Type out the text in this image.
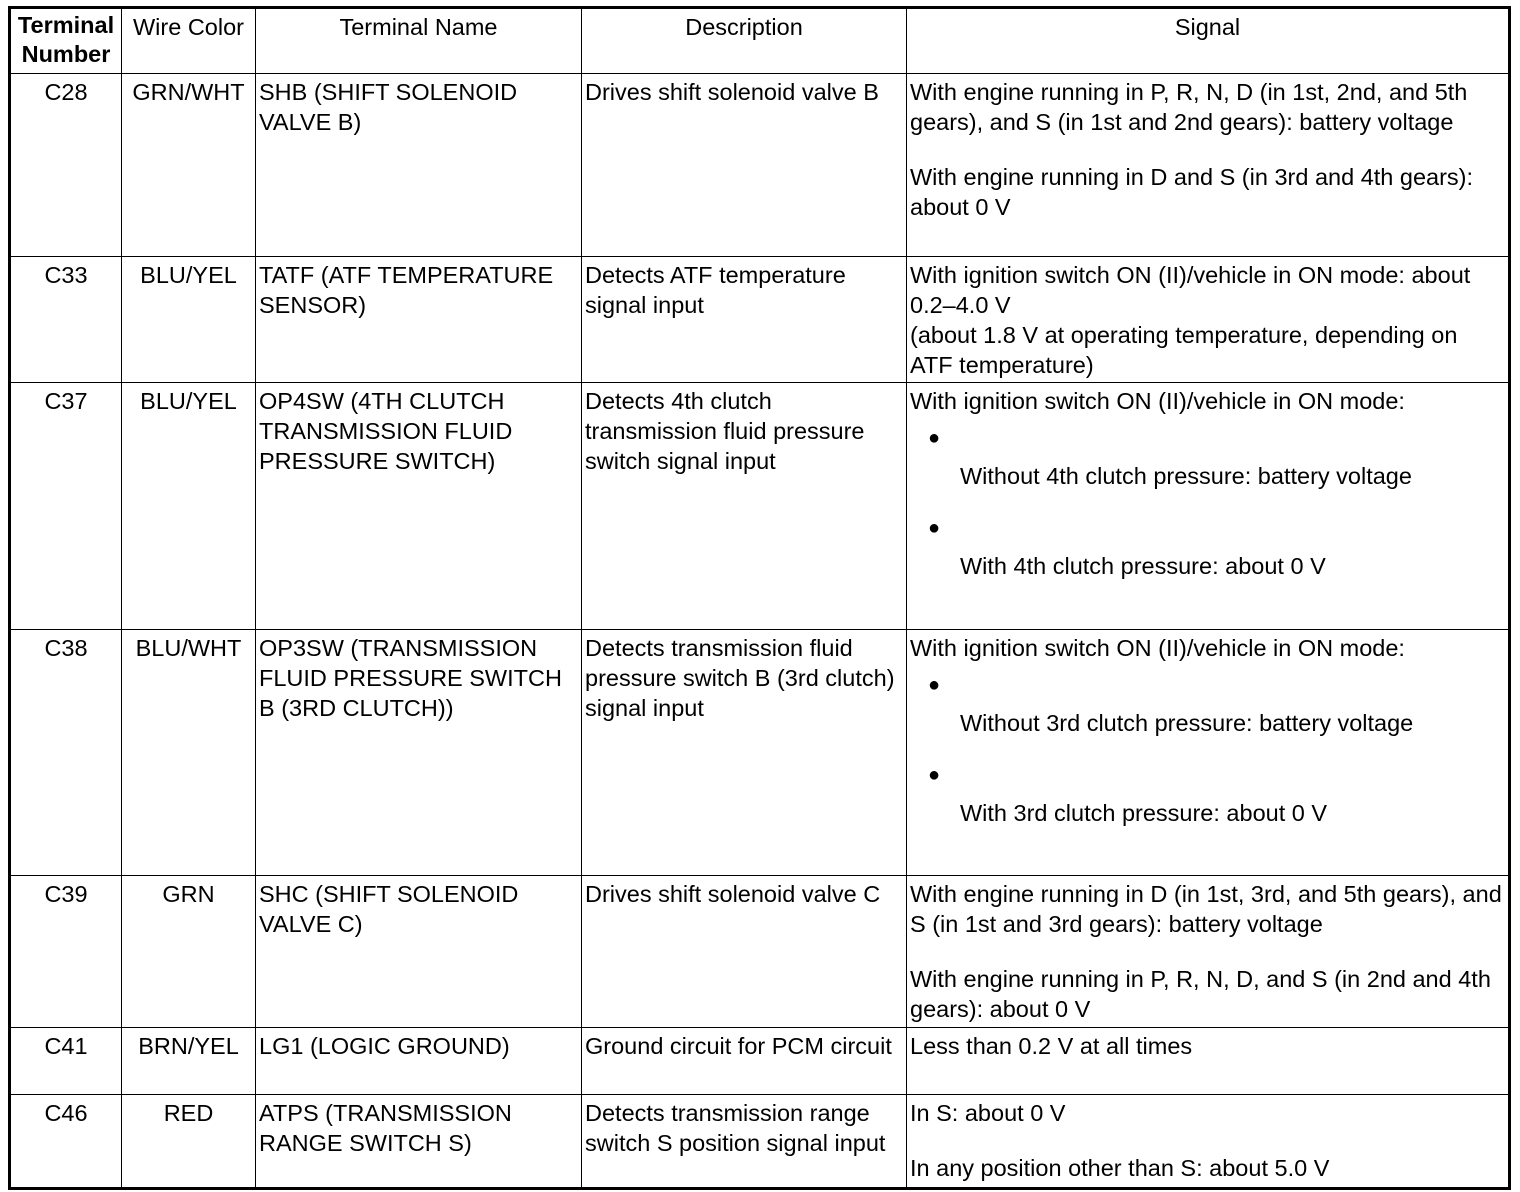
Terminal Number	Wire Color	Terminal Name	Description	Signal
C28	GRN/WHT	SHB (SHIFT SOLENOID VALVE B)	Drives shift solenoid valve B	With engine running in P, R, N, D (in 1st, 2nd, and 5th gears), and S (in 1st and 2nd gears): battery voltage

With engine running in D and S (in 3rd and 4th gears): about 0 V

C33	BLU/YEL	TATF (ATF TEMPERATURE SENSOR)	Detects ATF temperature signal input	With ignition switch ON (II)/vehicle in ON mode: about 0.2–4.0 V

(about 1.8 V at operating temperature, depending on ATF temperature)

C37	BLU/YEL	OP4SW (4TH CLUTCH TRANSMISSION FLUID PRESSURE SWITCH)	Detects 4th clutch transmission fluid pressure switch signal input	With ignition switch ON (II)/vehicle in ON mode:

●
Without 4th clutch pressure: battery voltage
●
With 4th clutch pressure: about 0 V

C38	BLU/WHT	OP3SW (TRANSMISSION FLUID PRESSURE SWITCH B (3RD CLUTCH))	Detects transmission fluid pressure switch B (3rd clutch) signal input	With ignition switch ON (II)/vehicle in ON mode:

●
Without 3rd clutch pressure: battery voltage
●
With 3rd clutch pressure: about 0 V

C39	GRN	SHC (SHIFT SOLENOID VALVE C)	Drives shift solenoid valve C	With engine running in D (in 1st, 3rd, and 5th gears), and S (in 1st and 3rd gears): battery voltage

With engine running in P, R, N, D, and S (in 2nd and 4th gears): about 0 V

C41	BRN/YEL	LG1 (LOGIC GROUND)	Ground circuit for PCM circuit	Less than 0.2 V at all times

C46	RED	ATPS (TRANSMISSION RANGE SWITCH S)	Detects transmission range switch S position signal input	In S: about 0 V

In any position other than S: about 5.0 V
